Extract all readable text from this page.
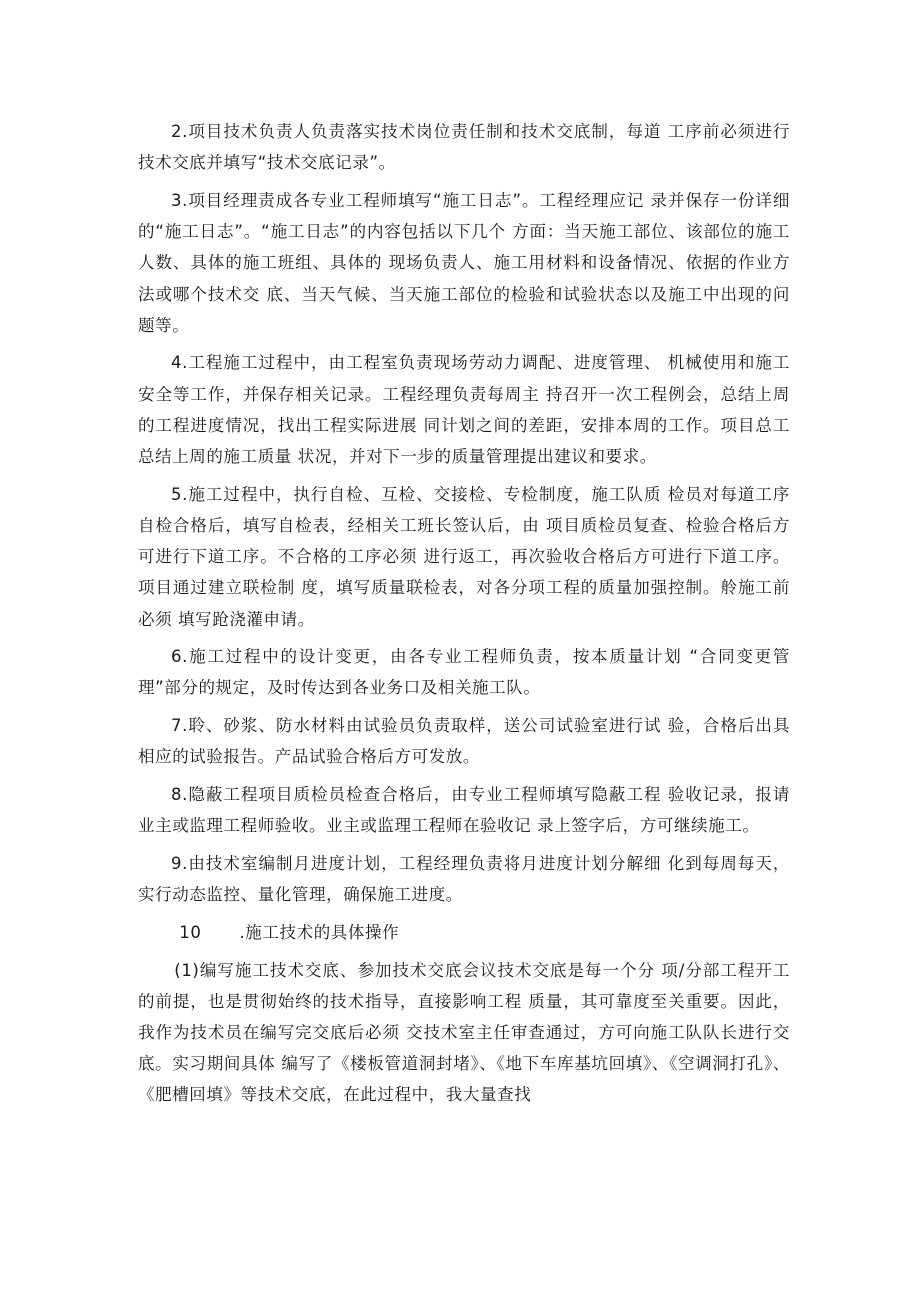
2.项目技术负责人负责落实技术岗位责任制和技术交底制，每道 工序前必须进行技术交底并填写“技术交底记录”。

3.项目经理责成各专业工程师填写“施工日志”。工程经理应记 录并保存一份详细的“施工日志”。“施工日志”的内容包括以下几个 方面：当天施工部位、该部位的施工人数、具体的施工班组、具体的 现场负责人、施工用材料和设备情况、依据的作业方法或哪个技术交 底、当天气候、当天施工部位的检验和试验状态以及施工中出现的问 题等。

4.工程施工过程中，由工程室负责现场劳动力调配、进度管理、 机械使用和施工安全等工作，并保存相关记录。工程经理负责每周主 持召开一次工程例会，总结上周的工程进度情况，找出工程实际进展 同计划之间的差距，安排本周的工作。项目总工总结上周的施工质量 状况，并对下一步的质量管理提出建议和要求。

5.施工过程中，执行自检、互检、交接检、专检制度，施工队质 检员对每道工序自检合格后，填写自检表，经相关工班长签认后，由 项目质检员复查、检验合格后方可进行下道工序。不合格的工序必须 进行返工，再次验收合格后方可进行下道工序。项目通过建立联检制 度，填写质量联检表，对各分项工程的质量加强控制。舲施工前必须 填写跄浇灌申请。

6.施工过程中的设计变更，由各专业工程师负责，按本质量计划 “合同变更管理”部分的规定，及时传达到各业务口及相关施工队。

7.聆、砂浆、防水材料由试验员负责取样，送公司试验室进行试 验，合格后出具相应的试验报告。产品试验合格后方可发放。

8.隐蔽工程项目质检员检查合格后，由专业工程师填写隐蔽工程 验收记录，报请业主或监理工程师验收。业主或监理工程师在验收记 录上签字后，方可继续施工。

9.由技术室编制月进度计划，工程经理负责将月进度计划分解细 化到每周每天，实行动态监控、量化管理，确保施工进度。

10 .施工技术的具体操作

(1)编写施工技术交底、参加技术交底会议技术交底是每一个分 项/分部工程开工的前提，也是贯彻始终的技术指导，直接影响工程 质量，其可靠度至关重要。因此，我作为技术员在编写完交底后必须 交技术室主任审查通过，方可向施工队队长进行交底。实习期间具体 编写了《楼板管道洞封堵》、《地下车库基坑回填》、《空调洞打孔》、 《肥槽回填》等技术交底，在此过程中，我大量查找
